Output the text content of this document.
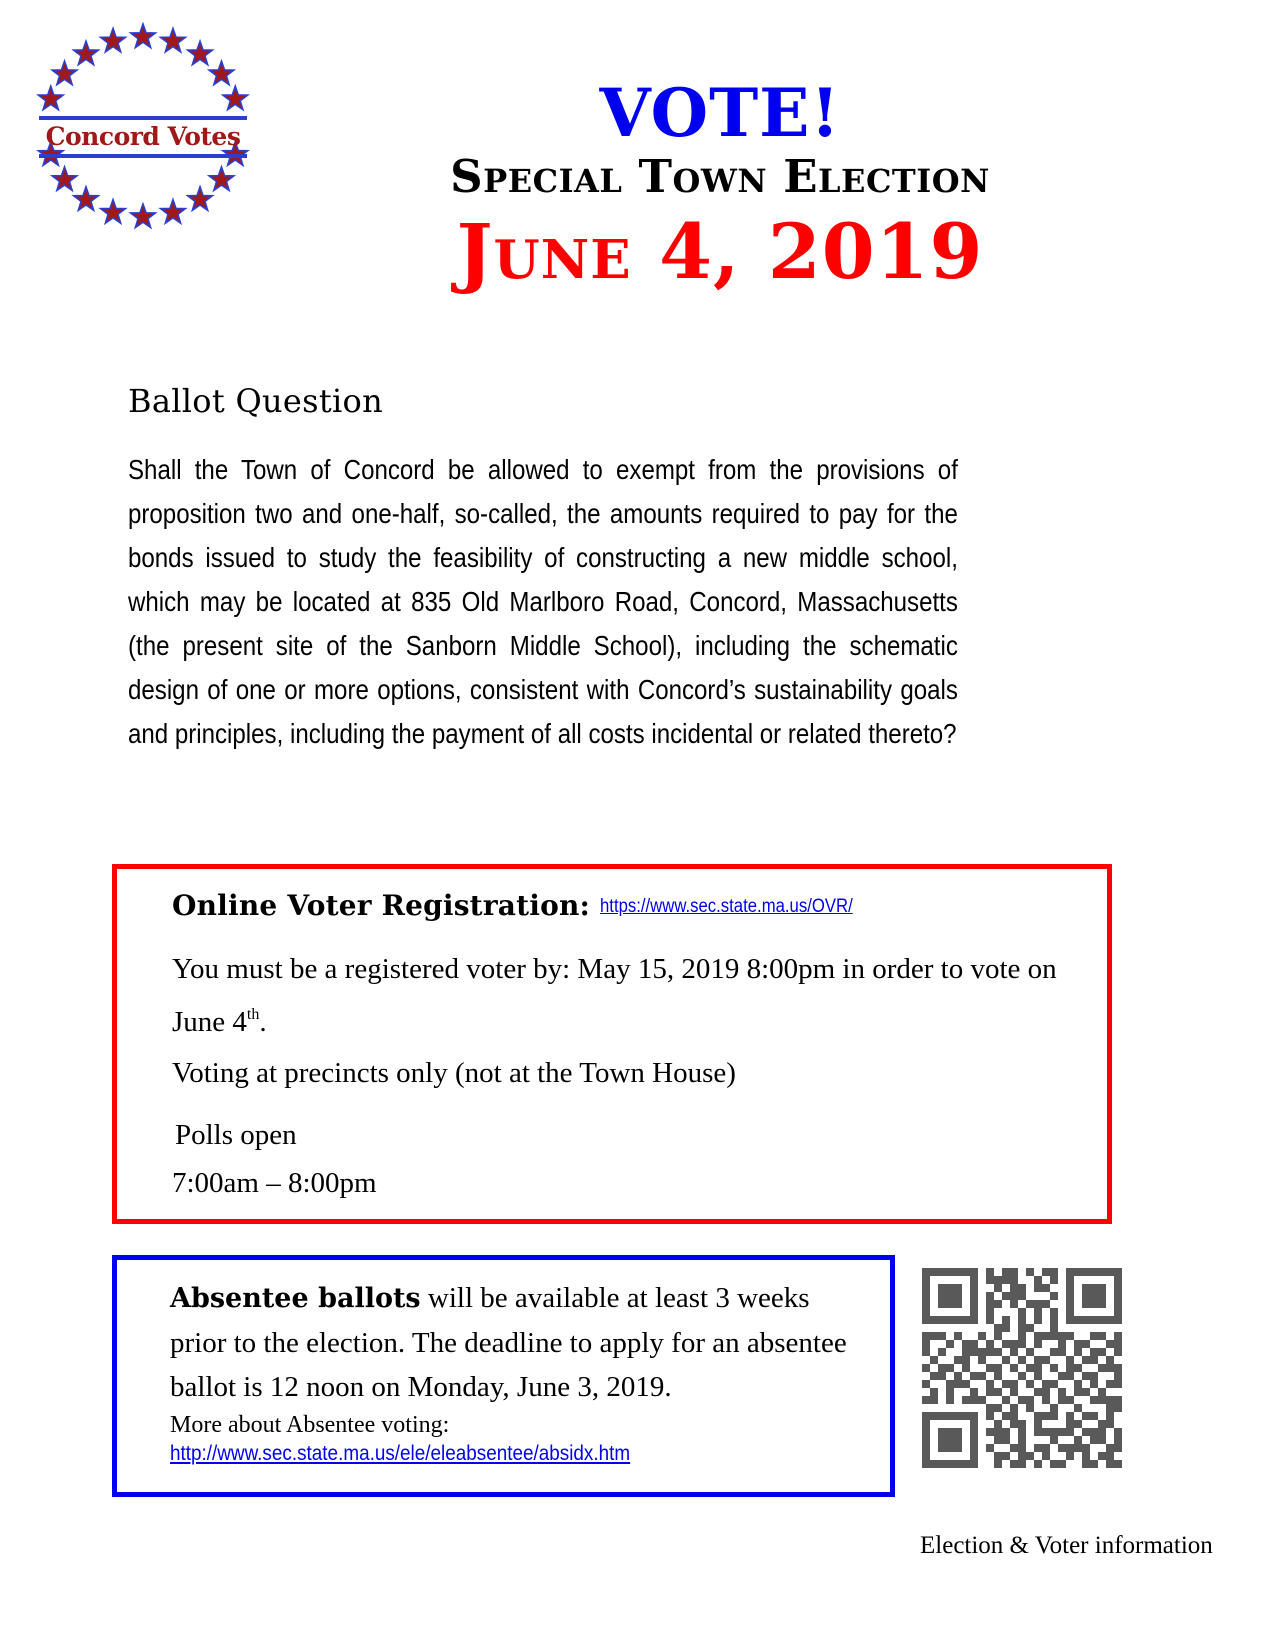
Concord Votes	VOTE!
Special Town Election
June 4, 2019
Ballot Question
Shall the Town of Concord be allowed to exempt from the provisions of proposition two and one-half, so-called, the amounts required to pay for the bonds issued to study the feasibility of constructing a new middle school, which may be located at 835 Old Marlboro Road, Concord, Massachusetts (the present site of the Sanborn Middle School), including the schematic design of one or more options, consistent with Concord’s sustainability goals and principles, including the payment of all costs incidental or related thereto?
Online Voter Registration: https://www.sec.state.ma.us/OVR/
You must be a registered voter by: May 15, 2019 8:00pm in order to vote on June 4th.
Voting at precincts only (not at the Town House)
Polls open
7:00am – 8:00pm
Absentee ballots will be available at least 3 weeks prior to the election. The deadline to apply for an absentee ballot is 12 noon on Monday, June 3, 2019.
More about Absentee voting:
http://www.sec.state.ma.us/ele/eleabsentee/absidx.htm
Election & Voter information
